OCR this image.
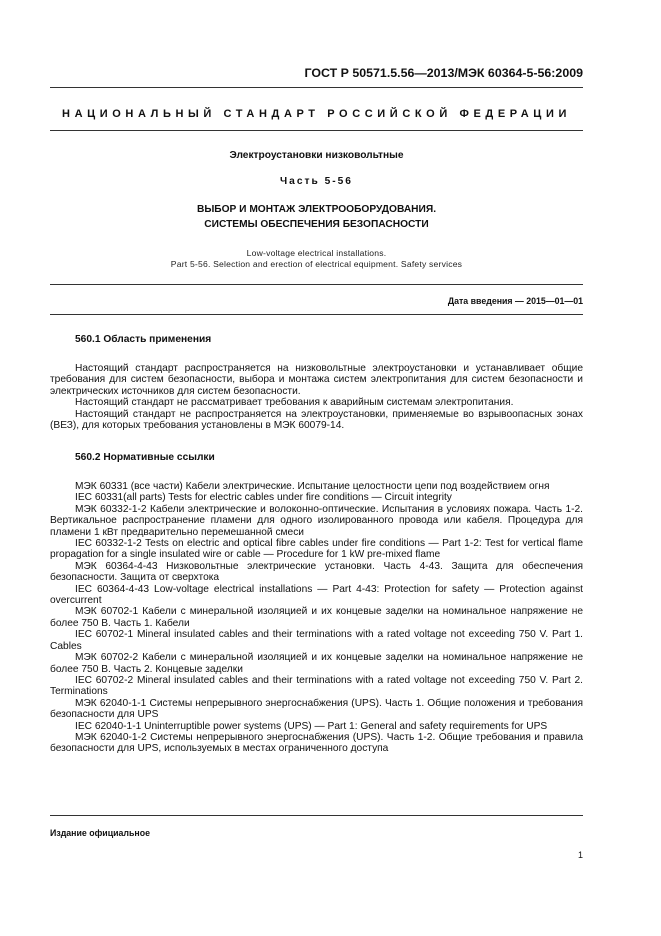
ГОСТ Р 50571.5.56—2013/МЭК 60364-5-56:2009
НАЦИОНАЛЬНЫЙ СТАНДАРТ РОССИЙСКОЙ ФЕДЕРАЦИИ
Электроустановки низковольтные
Часть 5-56
ВЫБОР И МОНТАЖ ЭЛЕКТРООБОРУДОВАНИЯ.
СИСТЕМЫ ОБЕСПЕЧЕНИЯ БЕЗОПАСНОСТИ
Low-voltage electrical installations.
Part 5-56. Selection and erection of electrical equipment. Safety services
Дата введения — 2015—01—01
560.1 Область применения

Настоящий стандарт распространяется на низковольтные электроустановки и устанавливает общие требования для систем безопасности, выбора и монтажа систем электропитания для систем безопасности и электрических источников для систем безопасности.

Настоящий стандарт не рассматривает требования к аварийным системам электропитания.

Настоящий стандарт не распространяется на электроустановки, применяемые во взрывоопасных зонах (ВЕЗ), для которых требования установлены в МЭК 60079-14.

560.2 Нормативные ссылки

МЭК 60331 (все части) Кабели электрические. Испытание целостности цепи под воздействием огня

IEC 60331(all parts) Tests for electric cables under fire conditions — Circuit integrity

МЭК 60332-1-2 Кабели электрические и волоконно-оптические. Испытания в условиях пожара. Часть 1-2. Вертикальное распространение пламени для одного изолированного провода или кабеля. Процедура для пламени 1 кВт предварительно перемешанной смеси

IEC 60332-1-2 Tests on electric and optical fibre cables under fire conditions — Part 1-2: Test for vertical flame propagation for a single insulated wire or cable — Procedure for 1 kW pre-mixed flame

МЭК 60364-4-43 Низковольтные электрические установки. Часть 4-43. Защита для обеспечения безопасности. Защита от сверхтока

IEC 60364-4-43 Low-voltage electrical installations — Part 4-43: Protection for safety — Protection against overcurrent

МЭК 60702-1 Кабели с минеральной изоляцией и их концевые заделки на номинальное напряжение не более 750 В. Часть 1. Кабели

IEC 60702-1 Mineral insulated cables and their terminations with a rated voltage not exceeding 750 V. Part 1. Cables

МЭК 60702-2 Кабели с минеральной изоляцией и их концевые заделки на номинальное напряжение не более 750 В. Часть 2. Концевые заделки

IEC 60702-2 Mineral insulated cables and their terminations with a rated voltage not exceeding 750 V. Part 2. Terminations

МЭК 62040-1-1 Системы непрерывного энергоснабжения (UPS). Часть 1. Общие положения и требования безопасности для UPS

IEC 62040-1-1 Uninterruptible power systems (UPS) — Part 1: General and safety requirements for UPS

МЭК 62040-1-2 Системы непрерывного энергоснабжения (UPS). Часть 1-2. Общие требования и правила безопасности для UPS, используемых в местах ограниченного доступа

Издание официальное
1
